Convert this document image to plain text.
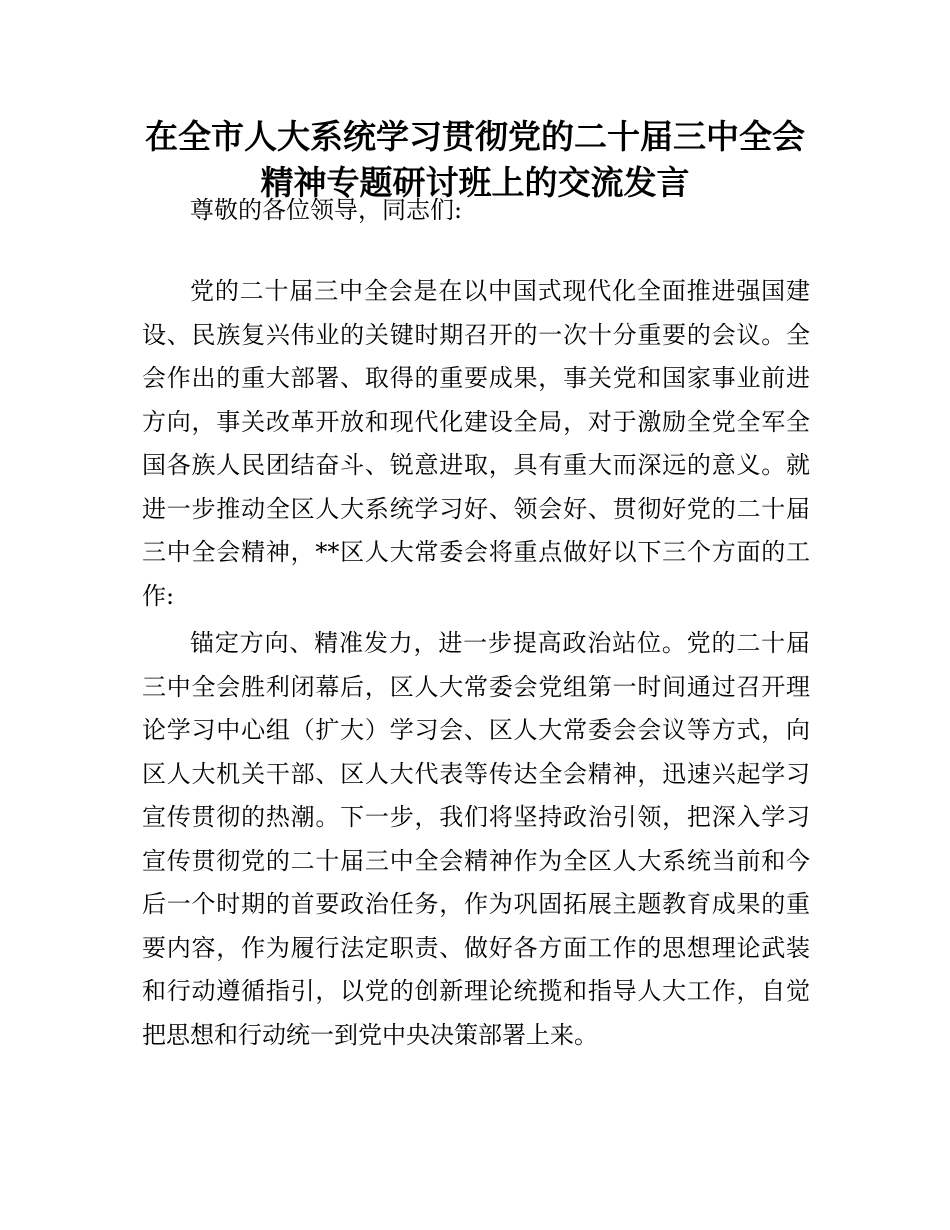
在全市人大系统学习贯彻党的二十届三中全会
精神专题研讨班上的交流发言

尊敬的各位领导，同志们:

党的二十届三中全会是在以中国式现代化全面推进强国建设、民族复兴伟业的关键时期召开的一次十分重要的会议。全会作出的重大部署、取得的重要成果，事关党和国家事业前进方向，事关改革开放和现代化建设全局，对于激励全党全军全国各族人民团结奋斗、锐意进取，具有重大而深远的意义。就进一步推动全区人大系统学习好、领会好、贯彻好党的二十届三中全会精神，**区人大常委会将重点做好以下三个方面的工作:

锚定方向、精准发力，进一步提高政治站位。党的二十届三中全会胜利闭幕后，区人大常委会党组第一时间通过召开理论学习中心组（扩大）学习会、区人大常委会会议等方式，向区人大机关干部、区人大代表等传达全会精神，迅速兴起学习宣传贯彻的热潮。下一步，我们将坚持政治引领，把深入学习宣传贯彻党的二十届三中全会精神作为全区人大系统当前和今后一个时期的首要政治任务，作为巩固拓展主题教育成果的重要内容，作为履行法定职责、做好各方面工作的思想理论武装和行动遵循指引，以党的创新理论统揽和指导人大工作，自觉把思想和行动统一到党中央决策部署上来。
